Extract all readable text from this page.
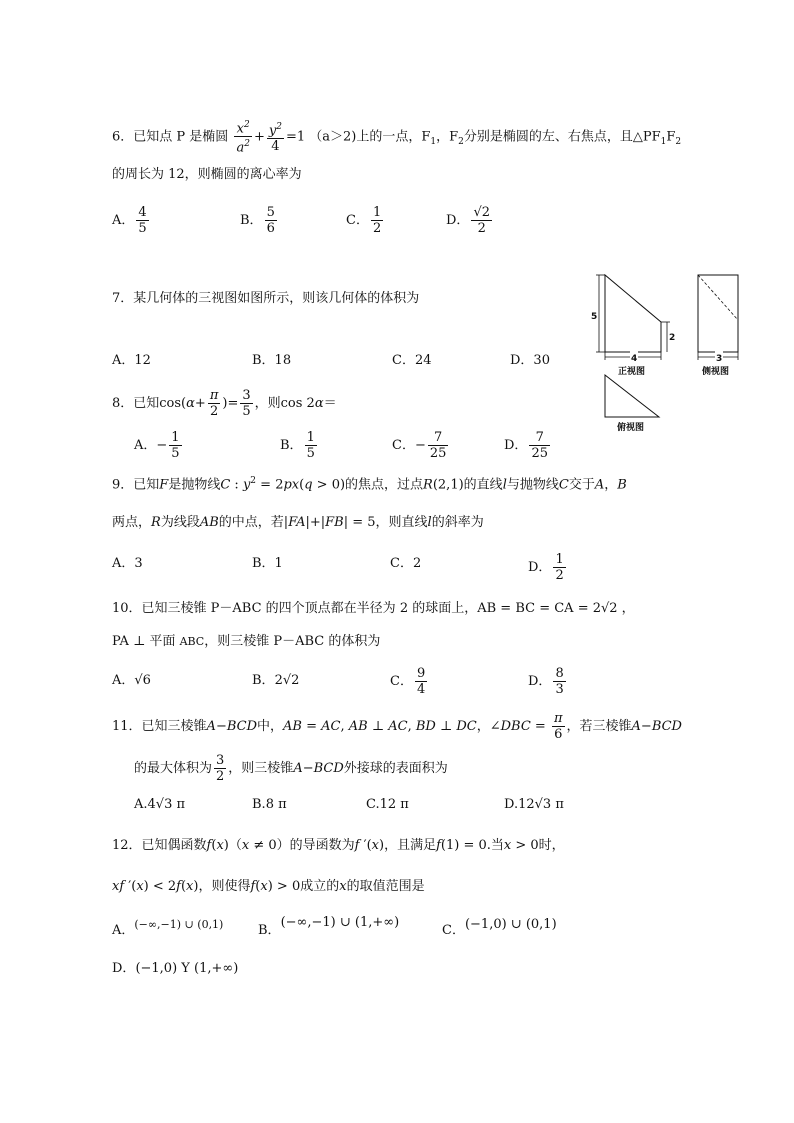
6．已知点 P 是椭圆 $\frac{x^2}{a^2} + \frac{y^2}{4} =1$ （a＞2)上的一点，$F_1$，$F_2$分别是椭圆的左、右焦点，且$\triangle PF_1F_2$
的周长为 12，则椭圆的离心率为
A． $\frac{4}{5}$	B． $\frac{5}{6}$	C． $\frac{1}{2}$	D． $\frac{√2}{2}$
7．某几何体的三视图如图所示，则该几何体的体积为
A．12	B．18	C．24	D．30
5
2
4	3
正视图	侧视图
俯视图
8．已知$\cos(\alpha+ \frac{\pi}{2}$ )= $\frac{3}{5}$ ，则cos 2α＝
A．− $\frac{1}{5}$	B． $\frac{1}{5}$	C．− $\frac{7}{25}$	D． $\frac{7}{25}$
9．已知F是抛物线C : $y^2 = 2px(q > 0)$的焦点，过点R(2,1)的直线l与抛物线C交于A，B
两点，R为线段AB的中点，若|FA|+|FB| = 5，则直线l的斜率为
A．3	B．1	C．2	D． $\frac{1}{2}$
10．已知三棱锥 P－ABC 的四个顶点都在半径为 2 的球面上，AB = BC = CA = 2√2 ，
PA ⊥ 平面 ABC，则三棱锥 P－ABC 的体积为
A．√6	B．2√2	C． $\frac{9}{4}$	D． $\frac{8}{3}$
11．已知三棱锥A−BCD中，AB = AC, AB ⊥ AC, BD ⊥ DC，∠DBC = $\frac{\pi}{6}$ ，若三棱锥A−BCD
的最大体积为 $\frac{3}{2}$ ，则三棱锥A−BCD外接球的表面积为
A.4√3 π	B.8 π	C.12 π	D.12√3 π
12．已知偶函数f(x)（x ≠ 0）的导函数为f ′(x)，且满足f(1) = 0.当x > 0时，
xf ′(x) < 2f(x)，则使得f(x) > 0成立的x的取值范围是
A．$^{(-\infty,-1) \cup (0,1)}$	B．(−∞,−1) ∪ (1,+∞)
C．(−1,0) ∪ (0,1)
D．(−1,0) Y (1,+∞)
